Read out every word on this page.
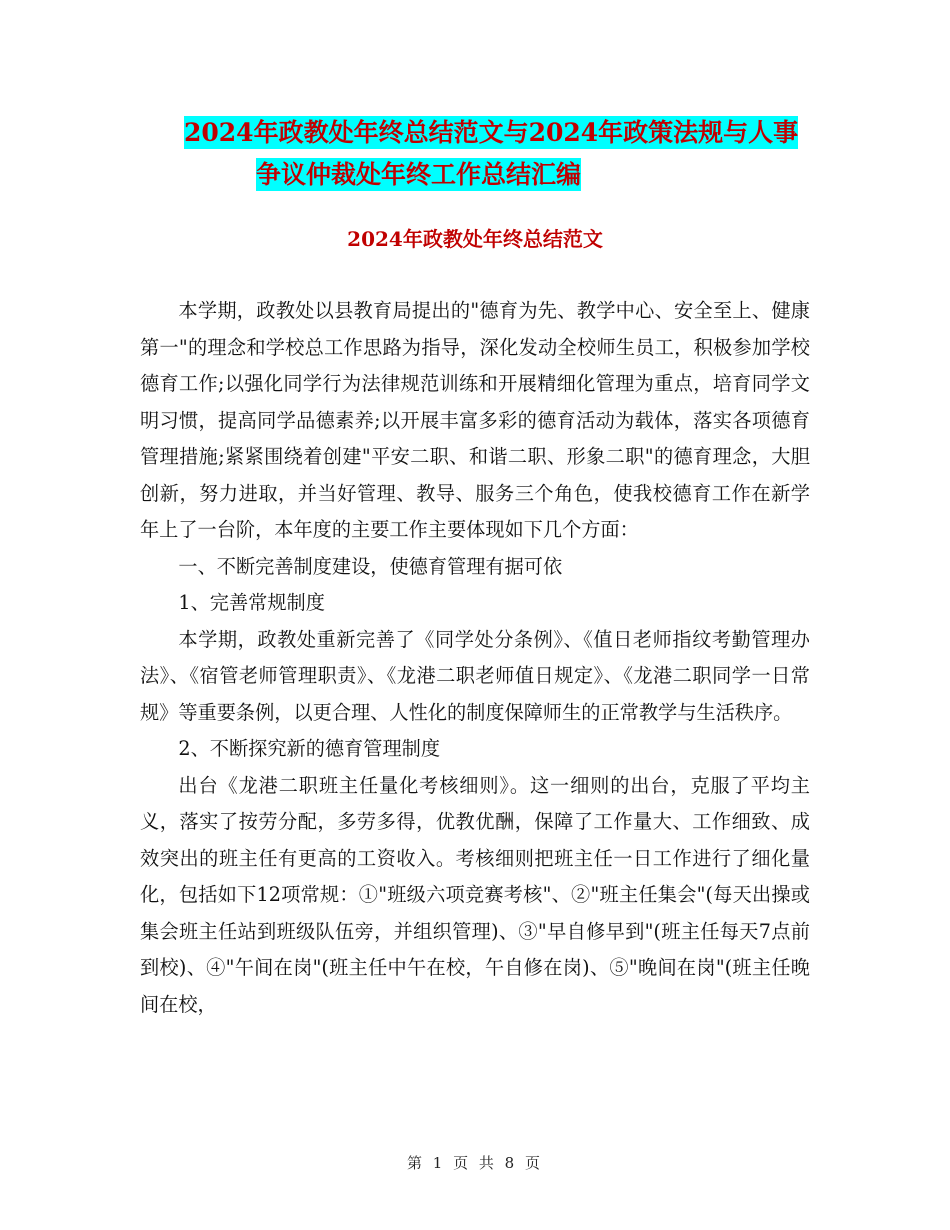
2024年政教处年终总结范文与2024年政策法规与人事
争议仲裁处年终工作总结汇编
2024年政教处年终总结范文

本学期，政教处以县教育局提出的"德育为先、教学中心、安全至上、健康第一"的理念和学校总工作思路为指导，深化发动全校师生员工，积极参加学校德育工作;以强化同学行为法律规范训练和开展精细化管理为重点，培育同学文明习惯，提高同学品德素养;以开展丰富多彩的德育活动为载体，落实各项德育管理措施;紧紧围绕着创建"平安二职、和谐二职、形象二职"的德育理念，大胆创新，努力进取，并当好管理、教导、服务三个角色，使我校德育工作在新学年上了一台阶，本年度的主要工作主要体现如下几个方面：

一、不断完善制度建设，使德育管理有据可依

1、完善常规制度

本学期，政教处重新完善了《同学处分条例》、《值日老师指纹考勤管理办法》、《宿管老师管理职责》、《龙港二职老师值日规定》、《龙港二职同学一日常规》等重要条例，以更合理、人性化的制度保障师生的正常教学与生活秩序。

2、不断探究新的德育管理制度

出台《龙港二职班主任量化考核细则》。这一细则的出台，克服了平均主义，落实了按劳分配，多劳多得，优教优酬，保障了工作量大、工作细致、成效突出的班主任有更高的工资收入。考核细则把班主任一日工作进行了细化量化，包括如下12项常规：①"班级六项竞赛考核"、②"班主任集会"(每天出操或集会班主任站到班级队伍旁，并组织管理)、③"早自修早到"(班主任每天7点前到校)、④"午间在岗"(班主任中午在校，午自修在岗)、⑤"晚间在岗"(班主任晚间在校，

第 1 页 共 8 页
